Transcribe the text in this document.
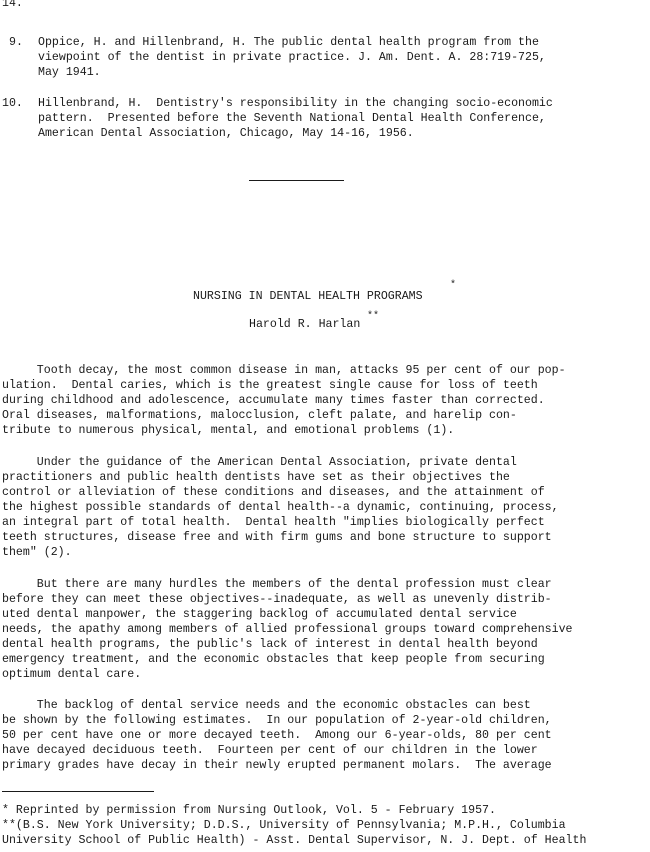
14.
9. Oppice, H. and Hillenbrand, H. The public dental health program from the
viewpoint of the dentist in private practice. J. Am. Dent. A. 28:719-725,
May 1941.
10. Hillenbrand, H.  Dentistry's responsibility in the changing socio-economic
pattern.  Presented before the Seventh National Dental Health Conference,
American Dental Association, Chicago, May 14-16, 1956.
NURSING IN DENTAL HEALTH PROGRAMS
*
Harold R. Harlan
**
Tooth decay, the most common disease in man, attacks 95 per cent of our pop-
ulation.  Dental caries, which is the greatest single cause for loss of teeth
during childhood and adolescence, accumulate many times faster than corrected.
Oral diseases, malformations, malocclusion, cleft palate, and harelip con-
tribute to numerous physical, mental, and emotional problems (1).
Under the guidance of the American Dental Association, private dental
practitioners and public health dentists have set as their objectives the
control or alleviation of these conditions and diseases, and the attainment of
the highest possible standards of dental health--a dynamic, continuing, process,
an integral part of total health.  Dental health "implies biologically perfect
teeth structures, disease free and with firm gums and bone structure to support
them" (2).
But there are many hurdles the members of the dental profession must clear
before they can meet these objectives--inadequate, as well as unevenly distrib-
uted dental manpower, the staggering backlog of accumulated dental service
needs, the apathy among members of allied professional groups toward comprehensive
dental health programs, the public's lack of interest in dental health beyond
emergency treatment, and the economic obstacles that keep people from securing
optimum dental care.
The backlog of dental service needs and the economic obstacles can best
be shown by the following estimates.  In our population of 2-year-old children,
50 per cent have one or more decayed teeth.  Among our 6-year-olds, 80 per cent
have decayed deciduous teeth.  Fourteen per cent of our children in the lower
primary grades have decay in their newly erupted permanent molars.  The average
* Reprinted by permission from Nursing Outlook, Vol. 5 - February 1957.
**(B.S. New York University; D.D.S., University of Pennsylvania; M.P.H., Columbia
University School of Public Health) - Asst. Dental Supervisor, N. J. Dept. of Health
